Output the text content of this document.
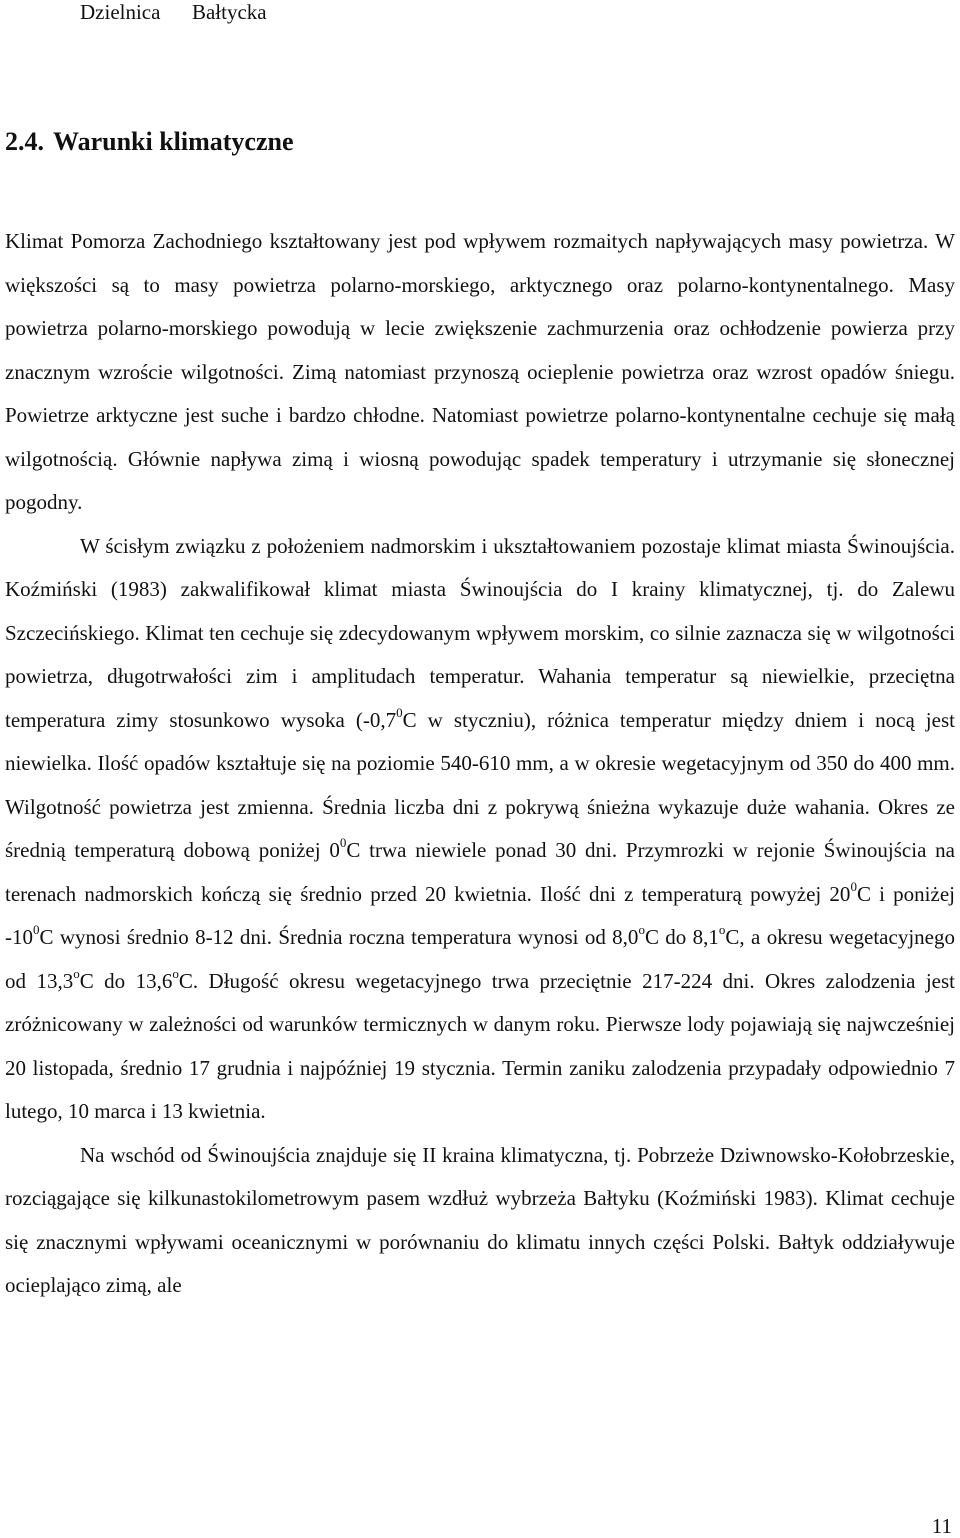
Dzielnica      Bałtycka
2.4. Warunki klimatyczne

Klimat Pomorza Zachodniego kształtowany jest pod wpływem rozmaitych napływających masy powietrza. W większości są to masy powietrza polarno-morskiego, arktycznego oraz polarno-kontynentalnego. Masy powietrza polarno-morskiego powodują w lecie zwiększenie zachmurzenia oraz ochłodzenie powierza przy znacznym wzroście wilgotności. Zimą natomiast przynoszą ocieplenie powietrza oraz wzrost opadów śniegu. Powietrze arktyczne jest suche i bardzo chłodne. Natomiast powietrze polarno-kontynentalne cechuje się małą wilgotnością. Głównie napływa zimą i wiosną powodując spadek temperatury i utrzymanie się słonecznej pogodny.

W ścisłym związku z położeniem nadmorskim i ukształtowaniem pozostaje klimat miasta Świnoujścia. Koźmiński (1983) zakwalifikował klimat miasta Świnoujścia do I krainy klimatycznej, tj. do Zalewu Szczecińskiego. Klimat ten cechuje się zdecydowanym wpływem morskim, co silnie zaznacza się w wilgotności powietrza, długotrwałości zim i amplitudach temperatur. Wahania temperatur są niewielkie, przeciętna temperatura zimy stosunkowo wysoka ($-0,7^0C$ w styczniu), różnica temperatur między dniem i nocą jest niewielka. Ilość opadów kształtuje się na poziomie 540-610 mm, a w okresie wegetacyjnym od 350 do 400 mm. Wilgotność powietrza jest zmienna. Średnia liczba dni z pokrywą śnieżna wykazuje duże wahania. Okres ze średnią temperaturą dobową poniżej $0^0C$ trwa niewiele ponad 30 dni. Przymrozki w rejonie Świnoujścia na terenach nadmorskich kończą się średnio przed 20 kwietnia. Ilość dni z temperaturą powyżej $20^0C$ i poniżej $-10^0C$ wynosi średnio 8-12 dni. Średnia roczna temperatura wynosi od 8,0$^o$C do 8,1$^o$C, a okresu wegetacyjnego od 13,3$^o$C do 13,6$^o$C. Długość okresu wegetacyjnego trwa przeciętnie 217-224 dni. Okres zalodzenia jest zróżnicowany w zależności od warunków termicznych w danym roku. Pierwsze lody pojawiają się najwcześniej 20 listopada, średnio 17 grudnia i najpóźniej 19 stycznia. Termin zaniku zalodzenia przypadały odpowiednio 7 lutego, 10 marca i 13 kwietnia.

Na wschód od Świnoujścia znajduje się II kraina klimatyczna, tj. Pobrzeże Dziwnowsko-Kołobrzeskie, rozciągające się kilkunastokilometrowym pasem wzdłuż wybrzeża Bałtyku (Koźmiński 1983). Klimat cechuje się znacznymi wpływami oceanicznymi w porównaniu do klimatu innych części Polski. Bałtyk oddziaływuje ocieplająco zimą, ale

11
